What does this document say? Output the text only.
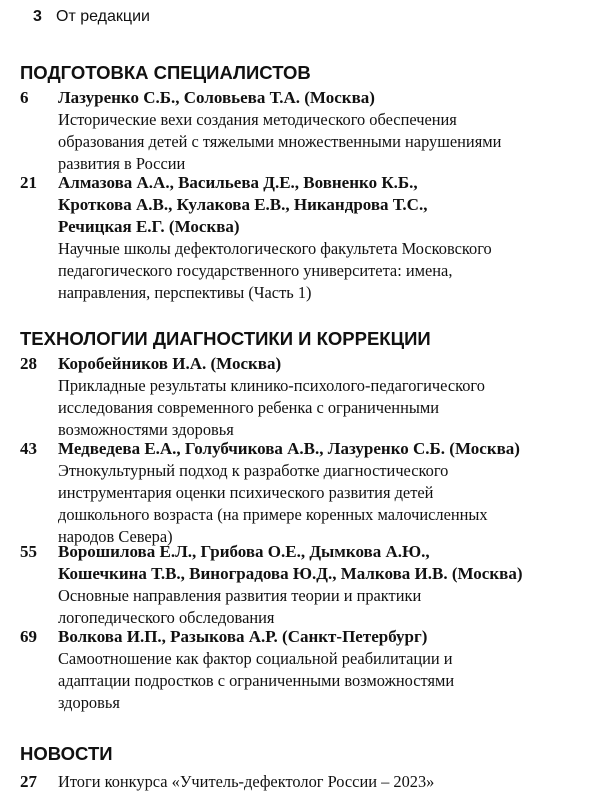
3 От редакции
ПОДГОТОВКА СПЕЦИАЛИСТОВ
6	Лазуренко С.Б., Соловьева Т.А. (Москва)
Исторические вехи создания методического обеспечения
образования детей с тяжелыми множественными нарушениями
развития в России
21	Алмазова А.А., Васильева Д.Е., Вовненко К.Б.,
Кроткова А.В., Кулакова Е.В., Никандрова Т.С.,
Речицкая Е.Г. (Москва)
Научные школы дефектологического факультета Московского
педагогического государственного университета: имена,
направления, перспективы (Часть 1)
ТЕХНОЛОГИИ ДИАГНОСТИКИ И КОРРЕКЦИИ
28	Коробейников И.А. (Москва)
Прикладные результаты клинико-психолого-педагогического
исследования современного ребенка с ограниченными
возможностями здоровья
43	Медведева Е.А., Голубчикова А.В., Лазуренко С.Б. (Москва)
Этнокультурный подход к разработке диагностического
инструментария оценки психического развития детей
дошкольного возраста (на примере коренных малочисленных
народов Севера)
55	Ворошилова Е.Л., Грибова О.Е., Дымкова А.Ю.,
Кошечкина Т.В., Виноградова Ю.Д., Малкова И.В. (Москва)
Основные направления развития теории и практики
логопедического обследования
69	Волкова И.П., Разыкова А.Р. (Санкт-Петербург)
Самоотношение как фактор социальной реабилитации и
адаптации подростков с ограниченными возможностями
здоровья
НОВОСТИ
27 Итоги конкурса «Учитель-дефектолог России – 2023»
